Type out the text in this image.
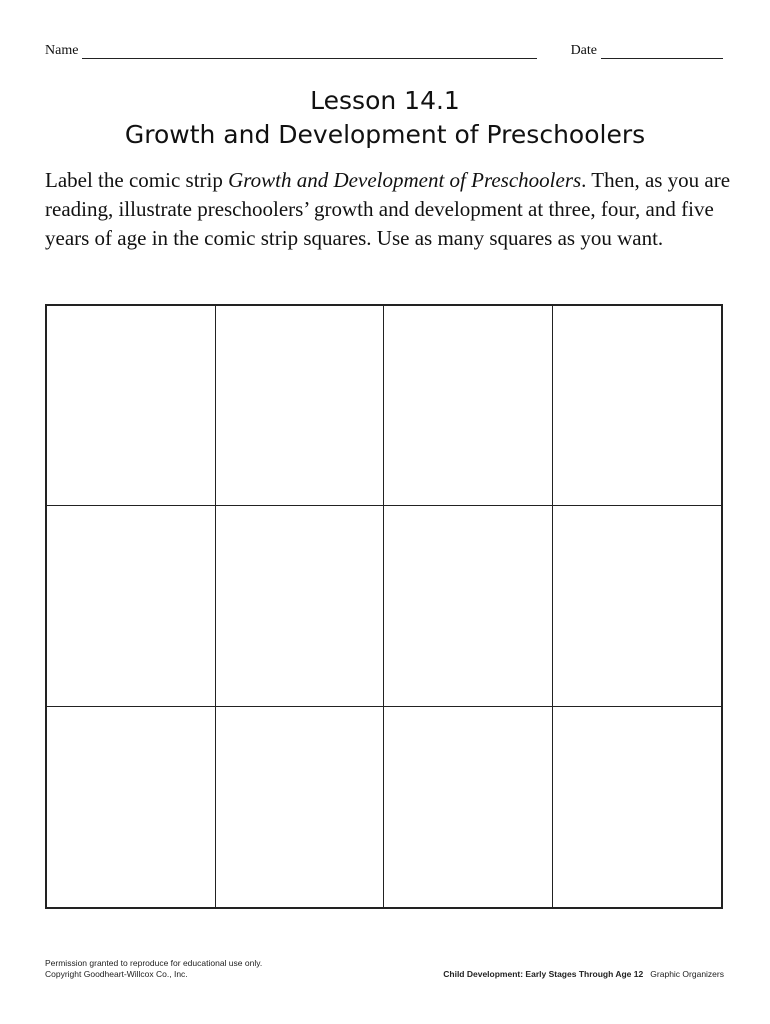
Name	Date
Lesson 14.1
Growth and Development of Preschoolers
Label the comic strip Growth and Development of Preschoolers. Then, as you are reading, illustrate preschoolers’ growth and development at three, four, and five years of age in the comic strip squares. Use as many squares as you want.
Permission granted to reproduce for educational use only.
Copyright Goodheart-Willcox Co., Inc.	Child Development: Early Stages Through Age 12 Graphic Organizers
